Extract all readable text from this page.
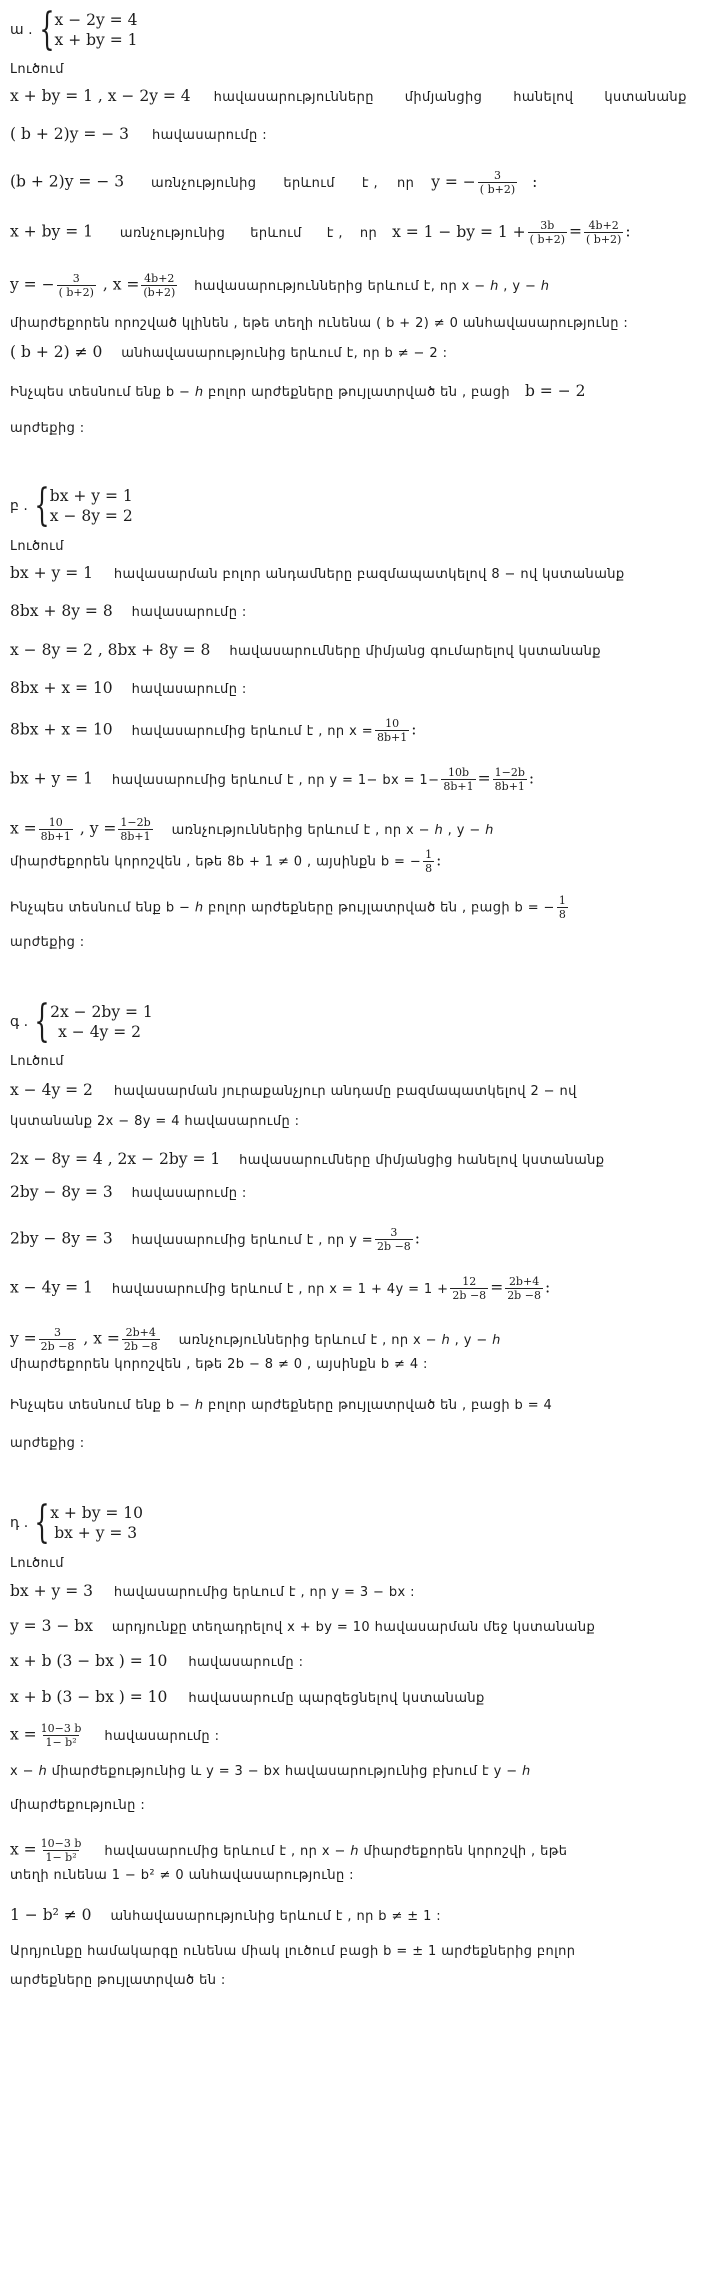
ա . { x − 2y = 4
x + by = 1
Լուծում
x + by = 1 , x − 2y = 4 հավասարությունները միմյանցից հանելով կստանանք
( b + 2)y = − 3 հավասարումը :
(b + 2)y = − 3 առնչությունից երևում է , որ y = − $\frac{3}{( b+2)}$ :
x + by = 1 առնչությունից երևում է , որ x = 1 − by = $1 + \frac{3b}{( b+2)} = \frac{4b+2}{( b+2)}$ :
y = − $\frac{3}{( b+2)}$ , $x = \frac{4b+2}{(b+2)}$ հավասարություններից երևում է, որ x − ℎ , y − ℎ
միարժեքորեն որոշված կլինեն , եթե տեղի ունենա ( b + 2) ≠ 0 անհավասարությունը :
( b + 2) ≠ 0 անհավասարությունից երևում է, որ b ≠ − 2 :
Ինչպես տեսնում ենք b − ℎ բոլոր արժեքները թույլատրված են , բացի b = − 2
արժեքից :
բ . { bx + y = 1
x − 8y = 2
Լուծում
bx + y = 1 հավասարման բոլոր անդամները բազմապատկելով 8 − ով կստանանք
8bx + 8y = 8 հավասարումը :
x − 8y = 2 , 8bx + 8y = 8 հավասարումները միմյանց գումարելով կստանանք
8bx + x = 10 հավասարումը :
8bx + x = 10 հավասարումից երևում է , որ $x = \frac{10}{8b+1}$ :
bx + y = 1 հավասարումից երևում է , որ y = 1− bx = $1- \frac{10b}{8b+1} = \frac{1-2b}{8b+1}$ :
$x = \frac{10}{8b+1}$ , $y = \frac{1-2b}{8b+1}$ առնչություններից երևում է , որ x − ℎ , y − ℎ
միարժեքորեն կորոշվեն , եթե 8b + 1 ≠ 0 , այսինքն b = − $\frac{1}{8}$ :
Ինչպես տեսնում ենք b − ℎ բոլոր արժեքները թույլատրված են , բացի b = − $\frac{1}{8}$
արժեքից :
գ . { 2x − 2by = 1
x − 4y = 2
Լուծում
x − 4y = 2 հավասարման յուրաքանչյուր անդամը բազմապատկելով 2 − ով
կստանանք 2x − 8y = 4 հավասարումը :
2x − 8y = 4 , 2x − 2by = 1 հավասարումները միմյանցից հանելով կստանանք
2by − 8y = 3 հավասարումը :
2by − 8y = 3 հավասարումից երևում է , որ $y = \frac{3}{2b -8}$ :
x − 4y = 1 հավասարումից երևում է , որ $x = 1 + 4y = 1 + \frac{12}{2b -8} = \frac{2b+4}{2b -8}$ :
$y = \frac{3}{2b -8}$ , $x = \frac{2b+4}{2b -8}$ առնչություններից երևում է , որ x − ℎ , y − ℎ
միարժեքորեն կորոշվեն , եթե 2b − 8 ≠ 0 , այսինքն b ≠ 4 :
Ինչպես տեսնում ենք b − ℎ բոլոր արժեքները թույլատրված են , բացի b = 4
արժեքից :
դ . { x + by = 10
bx + y = 3
Լուծում
bx + y = 3 հավասարումից երևում է , որ y = 3 − bx :
y = 3 − bx արդյունքը տեղադրելով x + by = 10 հավասարման մեջ կստանանք
x + b (3 − bx ) = 10 հավասարումը :
x + b (3 − bx ) = 10 հավասարումը պարզեցնելով կստանանք
$x = \frac{10-3 b}{\text{1− b²}}$ հավասարումը :
x − ℎ միարժեքությունից և y = 3 − bx հավասարությունից բխում է y − ℎ
միարժեքությունը :
$x = \frac{10-3 b}{\text{1− b²}}$ հավասարումից երևում է , որ x − ℎ միարժեքորեն կորոշվի , եթե
տեղի ունենա 1 − b² ≠ 0 անհավասարությունը :
1 − b² ≠ 0 անհավասարությունից երևում է , որ b ≠ ± 1 :
Արդյունքը համակարգը ունենա միակ լուծում բացի b = ± 1 արժեքներից բոլոր
արժեքները թույլատրված են :
